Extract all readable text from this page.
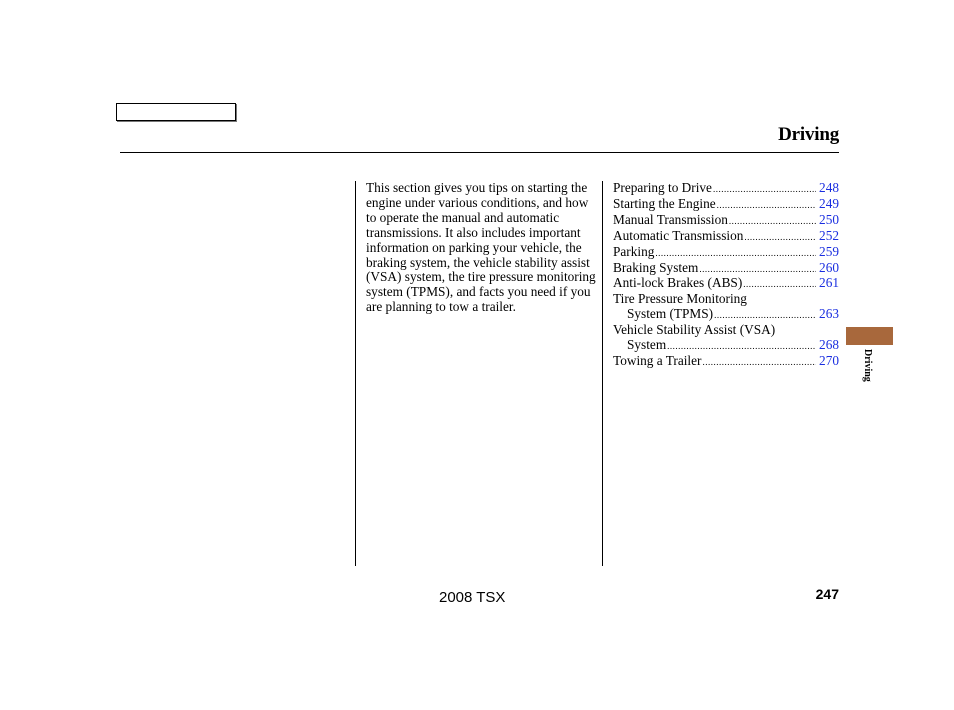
Driving

This section gives you tips on starting the engine under various conditions, and how to operate the manual and automatic transmissions. It also includes important information on parking your vehicle, the braking system, the vehicle stability assist (VSA) system, the tire pressure monitoring system (TPMS), and facts you need if you are planning to tow a trailer.

Preparing to Drive .....	248
Starting the Engine .....	249
Manual Transmission .....	250
Automatic Transmission .....	252
Parking .....	259
Braking System .....	260
Anti-lock Brakes (ABS) .....	261
Tire Pressure Monitoring
System (TPMS) .....	263
Vehicle Stability Assist (VSA)
System .....	268
Towing a Trailer .....	270 Driving
2008 TSX	247
